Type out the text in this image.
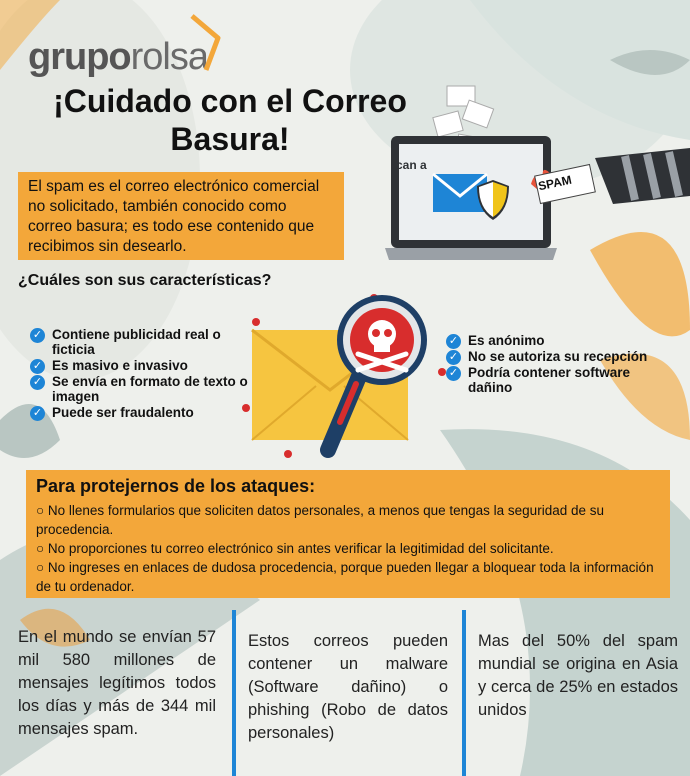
gruporolsa
¡Cuidado con el Correo Basura!
El spam es el correo electrónico comercial no solicitado, también conocido como correo basura; es todo ese contenido que recibimos sin desearlo.
can a
SPAM
¿Cuáles son sus características?
✓ Contiene publicidad real o ficticia
✓ Es masivo e invasivo
✓ Se envía en formato de texto o imagen
✓ Puede ser fraudalento
✓ Es anónimo
✓ No se autoriza su recepción
✓ Podría contener software dañino
Para protejernos de los ataques:

○ No llenes formularios que soliciten datos personales, a menos que tengas la seguridad de su procedencia.

○ No proporciones tu correo electrónico sin antes verificar la legitimidad del solicitante.

○ No ingreses en enlaces de dudosa procedencia, porque pueden llegar a bloquear toda la información de tu ordenador.

En el mundo se envían 57 mil 580 millones de mensajes legítimos todos los días y más de 344 mil mensajes spam.
Estos correos pueden contener un malware (Software dañino) o phishing (Robo de datos personales)
Mas del 50% del spam mundial se origina en Asia y cerca de 25% en estados unidos
